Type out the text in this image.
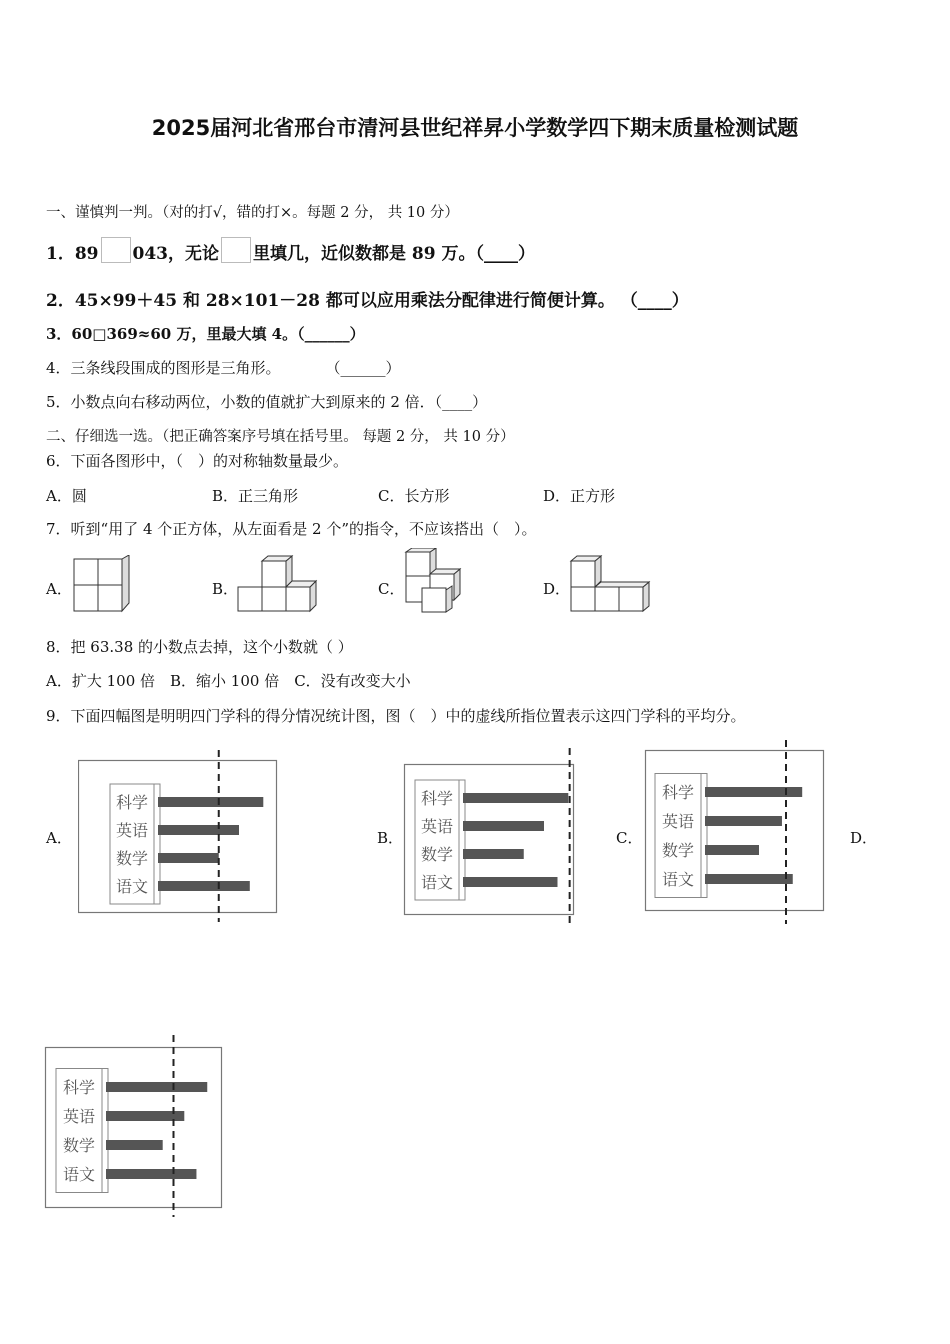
2025届河北省邢台市清河县世纪祥昇小学数学四下期末质量检测试题
一、谨慎判一判。（对的打√，错的打×。每题 2 分， 共 10 分）
1．89 043，无论 里填几，近似数都是 89 万。（____）
2．45×99＋45 和 28×101－28 都可以应用乘法分配律进行简便计算。 （____）
3．60□369≈60 万，里最大填 4。（______）
4．三条线段围成的图形是三角形。　　　　（______）
5．小数点向右移动两位，小数的值就扩大到原来的 2 倍．（____）
二、仔细选一选。（把正确答案序号填在括号里。 每题 2 分， 共 10 分）
6．下面各图形中，（　）的对称轴数量最少。
A．圆	B．正三角形	C．长方形	D．正方形
7．听到“用了 4 个正方体，从左面看是 2 个”的指令，不应该搭出（　）。
A．	B．	C．	D．
8．把 63.38 的小数点去掉，这个小数就（ ）
A．扩大 100 倍　B．缩小 100 倍　C．没有改变大小
9．下面四幅图是明明四门学科的得分情况统计图，图（　）中的虚线所指位置表示这四门学科的平均分。
A．	B．	C．	D．
科学
英语
数学
语文
科学
英语
数学
语文
科学
英语
数学
语文
科学
英语
数学
语文
